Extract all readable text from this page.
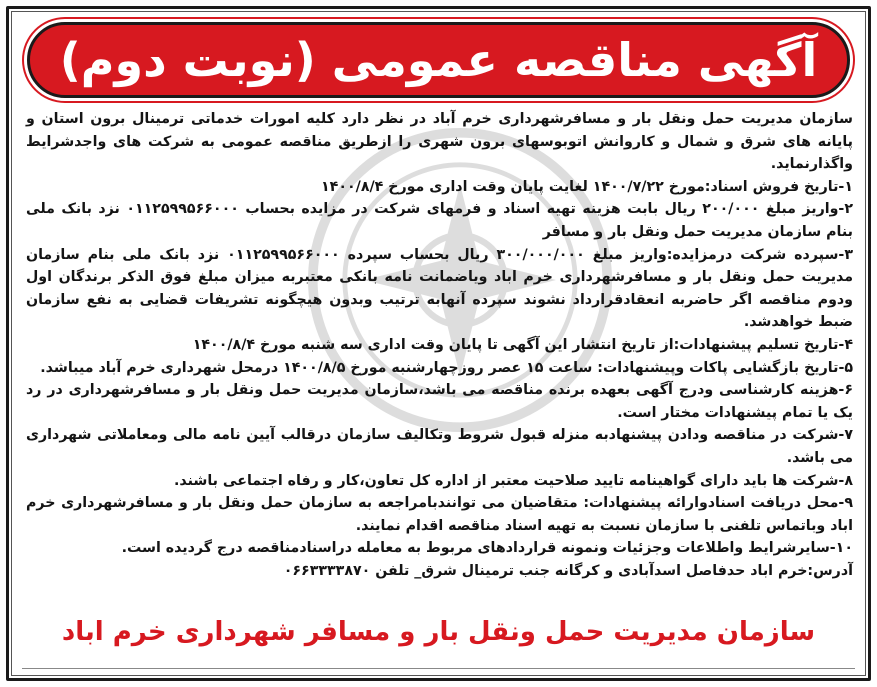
آگهی مناقصه عمومی (نوبت دوم)

سازمان مدیریت حمل ونقل بار و مسافرشهرداری خرم آباد در نظر دارد کلیه امورات خدماتی ترمینال برون استان و پایانه های شرق و شمال و کاروانش اتوبوسهای برون شهری را ازطریق مناقصه عمومی به شرکت های واجدشرایط واگذارنماید.

۱-تاریخ فروش اسناد:مورخ ۱۴۰۰/۷/۲۲ لغایت پایان وقت اداری مورخ ۱۴۰۰/۸/۴

۲-واریز مبلغ ۲۰۰/۰۰۰ ریال بابت هزینه تهیه اسناد و فرمهای شرکت در مزایده بحساب ۰۱۱۲۵۹۹۵۶۶۰۰۰ نزد بانک ملی بنام سازمان مدیریت حمل ونقل بار و مسافر

۳-سپرده شرکت درمزایده:واریز مبلغ ۳۰۰/۰۰۰/۰۰۰ ریال بحساب سپرده ۰۱۱۲۵۹۹۵۶۶۰۰۰ نزد بانک ملی بنام سازمان مدیریت حمل ونقل بار و مسافرشهرداری خرم اباد ویاضمانت نامه بانکی معتبربه میزان مبلغ فوق الذکر برندگان اول ودوم مناقصه اگر حاضربه انعقادقرارداد نشوند سپرده آنهابه ترتیب وبدون هیچگونه تشریفات قضایی به نفع سازمان ضبط خواهدشد.

۴-تاریخ تسلیم پیشنهادات:از تاریخ انتشار این آگهی تا پایان وقت اداری سه شنبه مورخ ۱۴۰۰/۸/۴

۵-تاریخ بازگشایی پاکات وپیشنهادات: ساعت ۱۵ عصر روزچهارشنبه مورخ ۱۴۰۰/۸/۵ درمحل شهرداری خرم آباد میباشد.

۶-هزینه کارشناسی ودرج آگهی بعهده برنده مناقصه می باشد،سازمان مدیریت حمل ونقل بار و مسافرشهرداری در رد یک یا تمام پیشنهادات مختار است.

۷-شرکت در مناقصه ودادن پیشنهادبه منزله قبول شروط وتکالیف سازمان درقالب آیین نامه مالی ومعاملاتی شهرداری می باشد.

۸-شرکت ها باید دارای گواهینامه تایید صلاحیت معتبر از اداره کل تعاون،کار و رفاه اجتماعی باشند.

۹-محل دریافت اسنادوارائه پیشنهادات: متقاضیان می توانندبامراجعه به سازمان حمل ونقل بار و مسافرشهرداری خرم اباد وباتماس تلفنی با سازمان نسبت به تهیه اسناد مناقصه اقدام نمایند.

۱۰-سایرشرایط واطلاعات وجزئیات ونمونه قراردادهای مربوط به معامله دراسنادمناقصه درج گردیده است.

آدرس:خرم اباد حدفاصل اسدآبادی و کرگانه جنب ترمینال شرق_ تلفن ۰۶۶۳۳۳۳۸۷۰

سازمان مدیریت حمل ونقل بار و مسافر شهرداری خرم اباد
